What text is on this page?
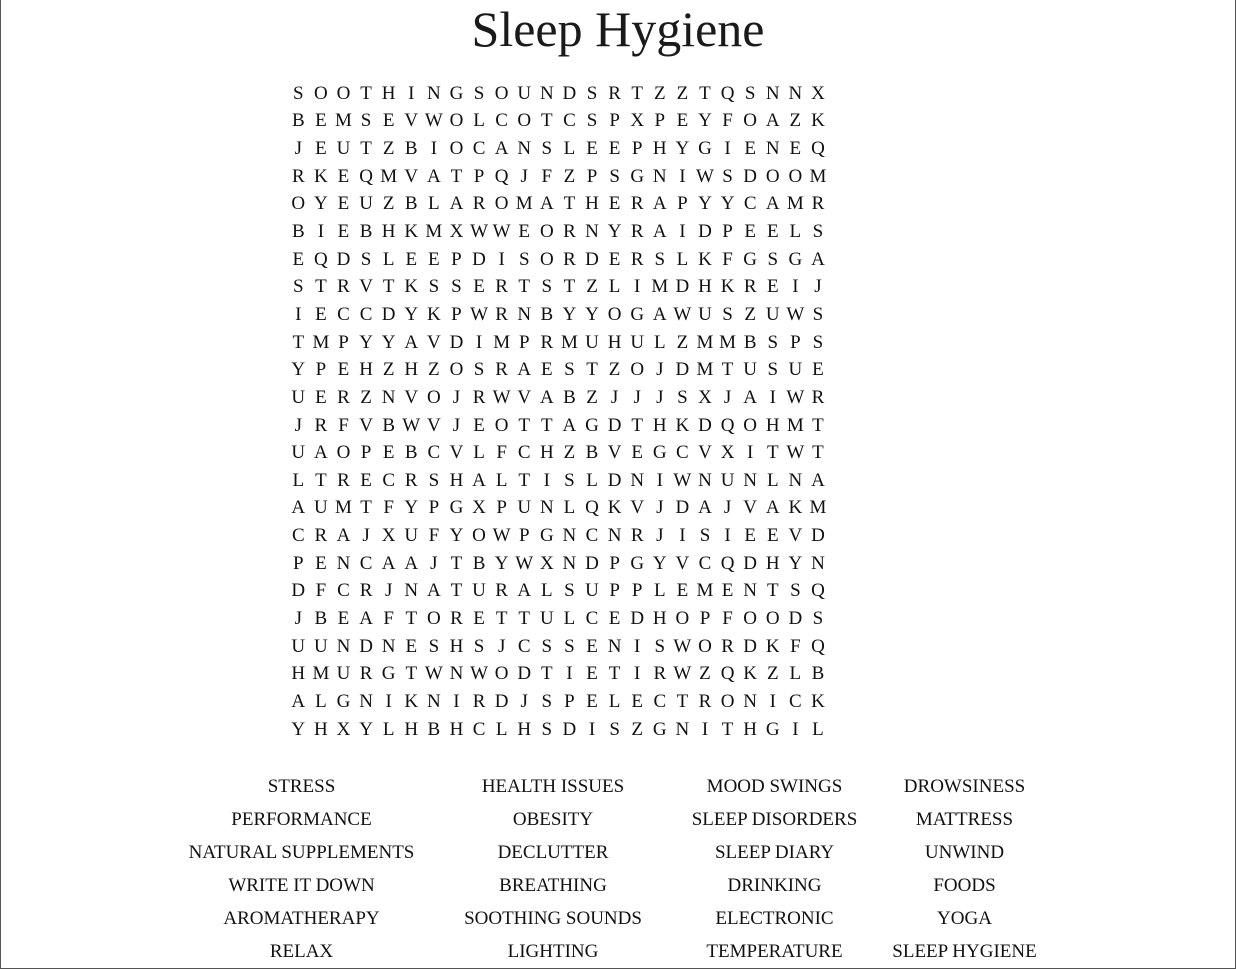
Sleep Hygiene
S O O T H I N G S O U N D S R T Z Z T Q S N N X
B E M S E V W O L C O T C S P X P E Y F O A Z K
J E U T Z B I O C A N S L E E P H Y G I E N E Q
R K E Q M V A T P Q J F Z P S G N I W S D O O M
O Y E U Z B L A R O M A T H E R A P Y Y C A M R
B I E B H K M X W W E O R N Y R A I D P E E L S
E Q D S L E E P D I S O R D E R S L K F G S G A
S T R V T K S S E R T S T Z L I M D H K R E I J
I E C C D Y K P W R N B Y Y O G A W U S Z U W S
T M P Y Y A V D I M P R M U H U L Z M M B S P S
Y P E H Z H Z O S R A E S T Z O J D M T U S U E
U E R Z N V O J R W V A B Z J J J S X J A I W R
J R F V B W V J E O T T A G D T H K D Q O H M T
U A O P E B C V L F C H Z B V E G C V X I T W T
L T R E C R S H A L T I S L D N I W N U N L N A
A U M T F Y P G X P U N L Q K V J D A J V A K M
C R A J X U F Y O W P G N C N R J I S I E E V D
P E N C A A J T B Y W X N D P G Y V C Q D H Y N
D F C R J N A T U R A L S U P P L E M E N T S Q
J B E A F T O R E T T U L C E D H O P F O O D S
U U N D N E S H S J C S S E N I S W O R D K F Q
H M U R G T W N W O D T I E T I R W Z Q K Z L B
A L G N I K N I R D J S P E L E C T R O N I C K
Y H X Y L H B H C L H S D I S Z G N I T H G I L
STRESS	HEALTH ISSUES	MOOD SWINGS	DROWSINESS
PERFORMANCE	OBESITY	SLEEP DISORDERS	MATTRESS
NATURAL SUPPLEMENTS	DECLUTTER	SLEEP DIARY	UNWIND
WRITE IT DOWN	BREATHING	DRINKING	FOODS
AROMATHERAPY	SOOTHING SOUNDS	ELECTRONIC	YOGA
RELAX	LIGHTING	TEMPERATURE	SLEEP HYGIENE
